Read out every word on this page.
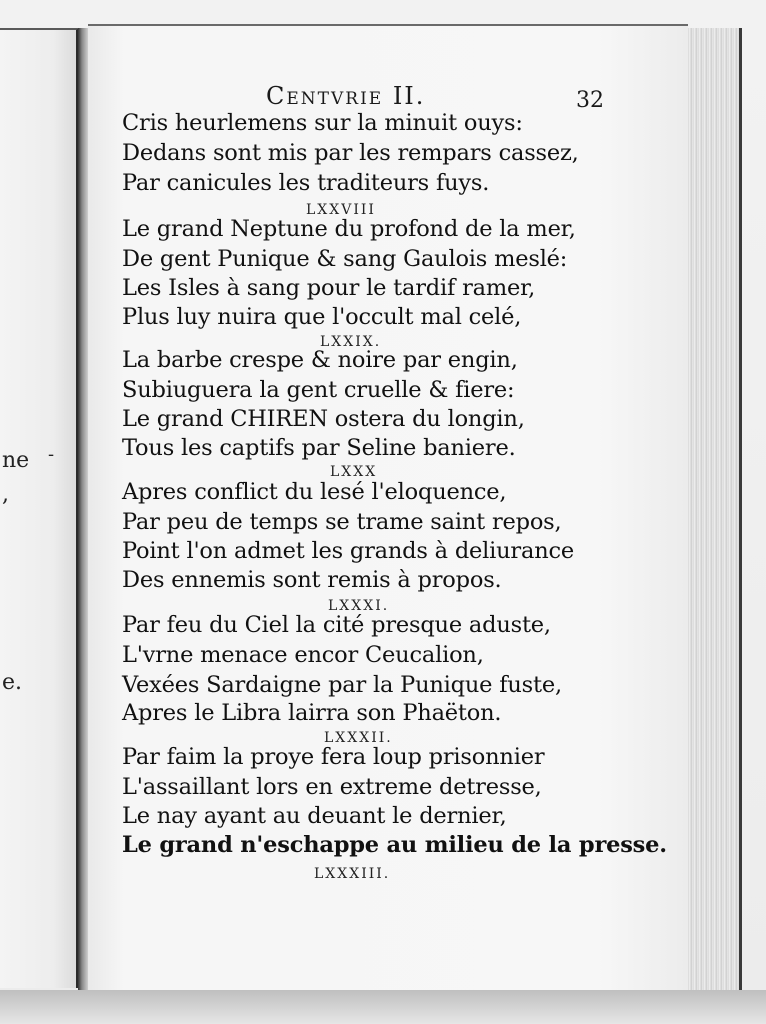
ne -
,
e.
Centvrie II.	32
Cris heurlemens sur la minuit ouys:
Dedans sont mis par les rempars cassez,
Par canicules les traditeurs fuys.
LXXVIII
Le grand Neptune du profond de la mer,
De gent Punique & sang Gaulois meslé:
Les Isles à sang pour le tardif ramer,
Plus luy nuira que l'occult mal celé,
LXXIX.
La barbe crespe & noire par engin,
Subiuguera la gent cruelle & fiere:
Le grand CHIREN ostera du longin,
Tous les captifs par Seline baniere.
LXXX
Apres conflict du lesé l'eloquence,
Par peu de temps se trame saint repos,
Point l'on admet les grands à deliurance
Des ennemis sont remis à propos.
LXXXI.
Par feu du Ciel la cité presque aduste,
L'vrne menace encor Ceucalion,
Vexées Sardaigne par la Punique fuste,
Apres le Libra lairra son Phaëton.
LXXXII.
Par faim la proye fera loup prisonnier
L'assaillant lors en extreme detresse,
Le nay ayant au deuant le dernier,
Le grand n'eschappe au milieu de la presse.
LXXXIII.
